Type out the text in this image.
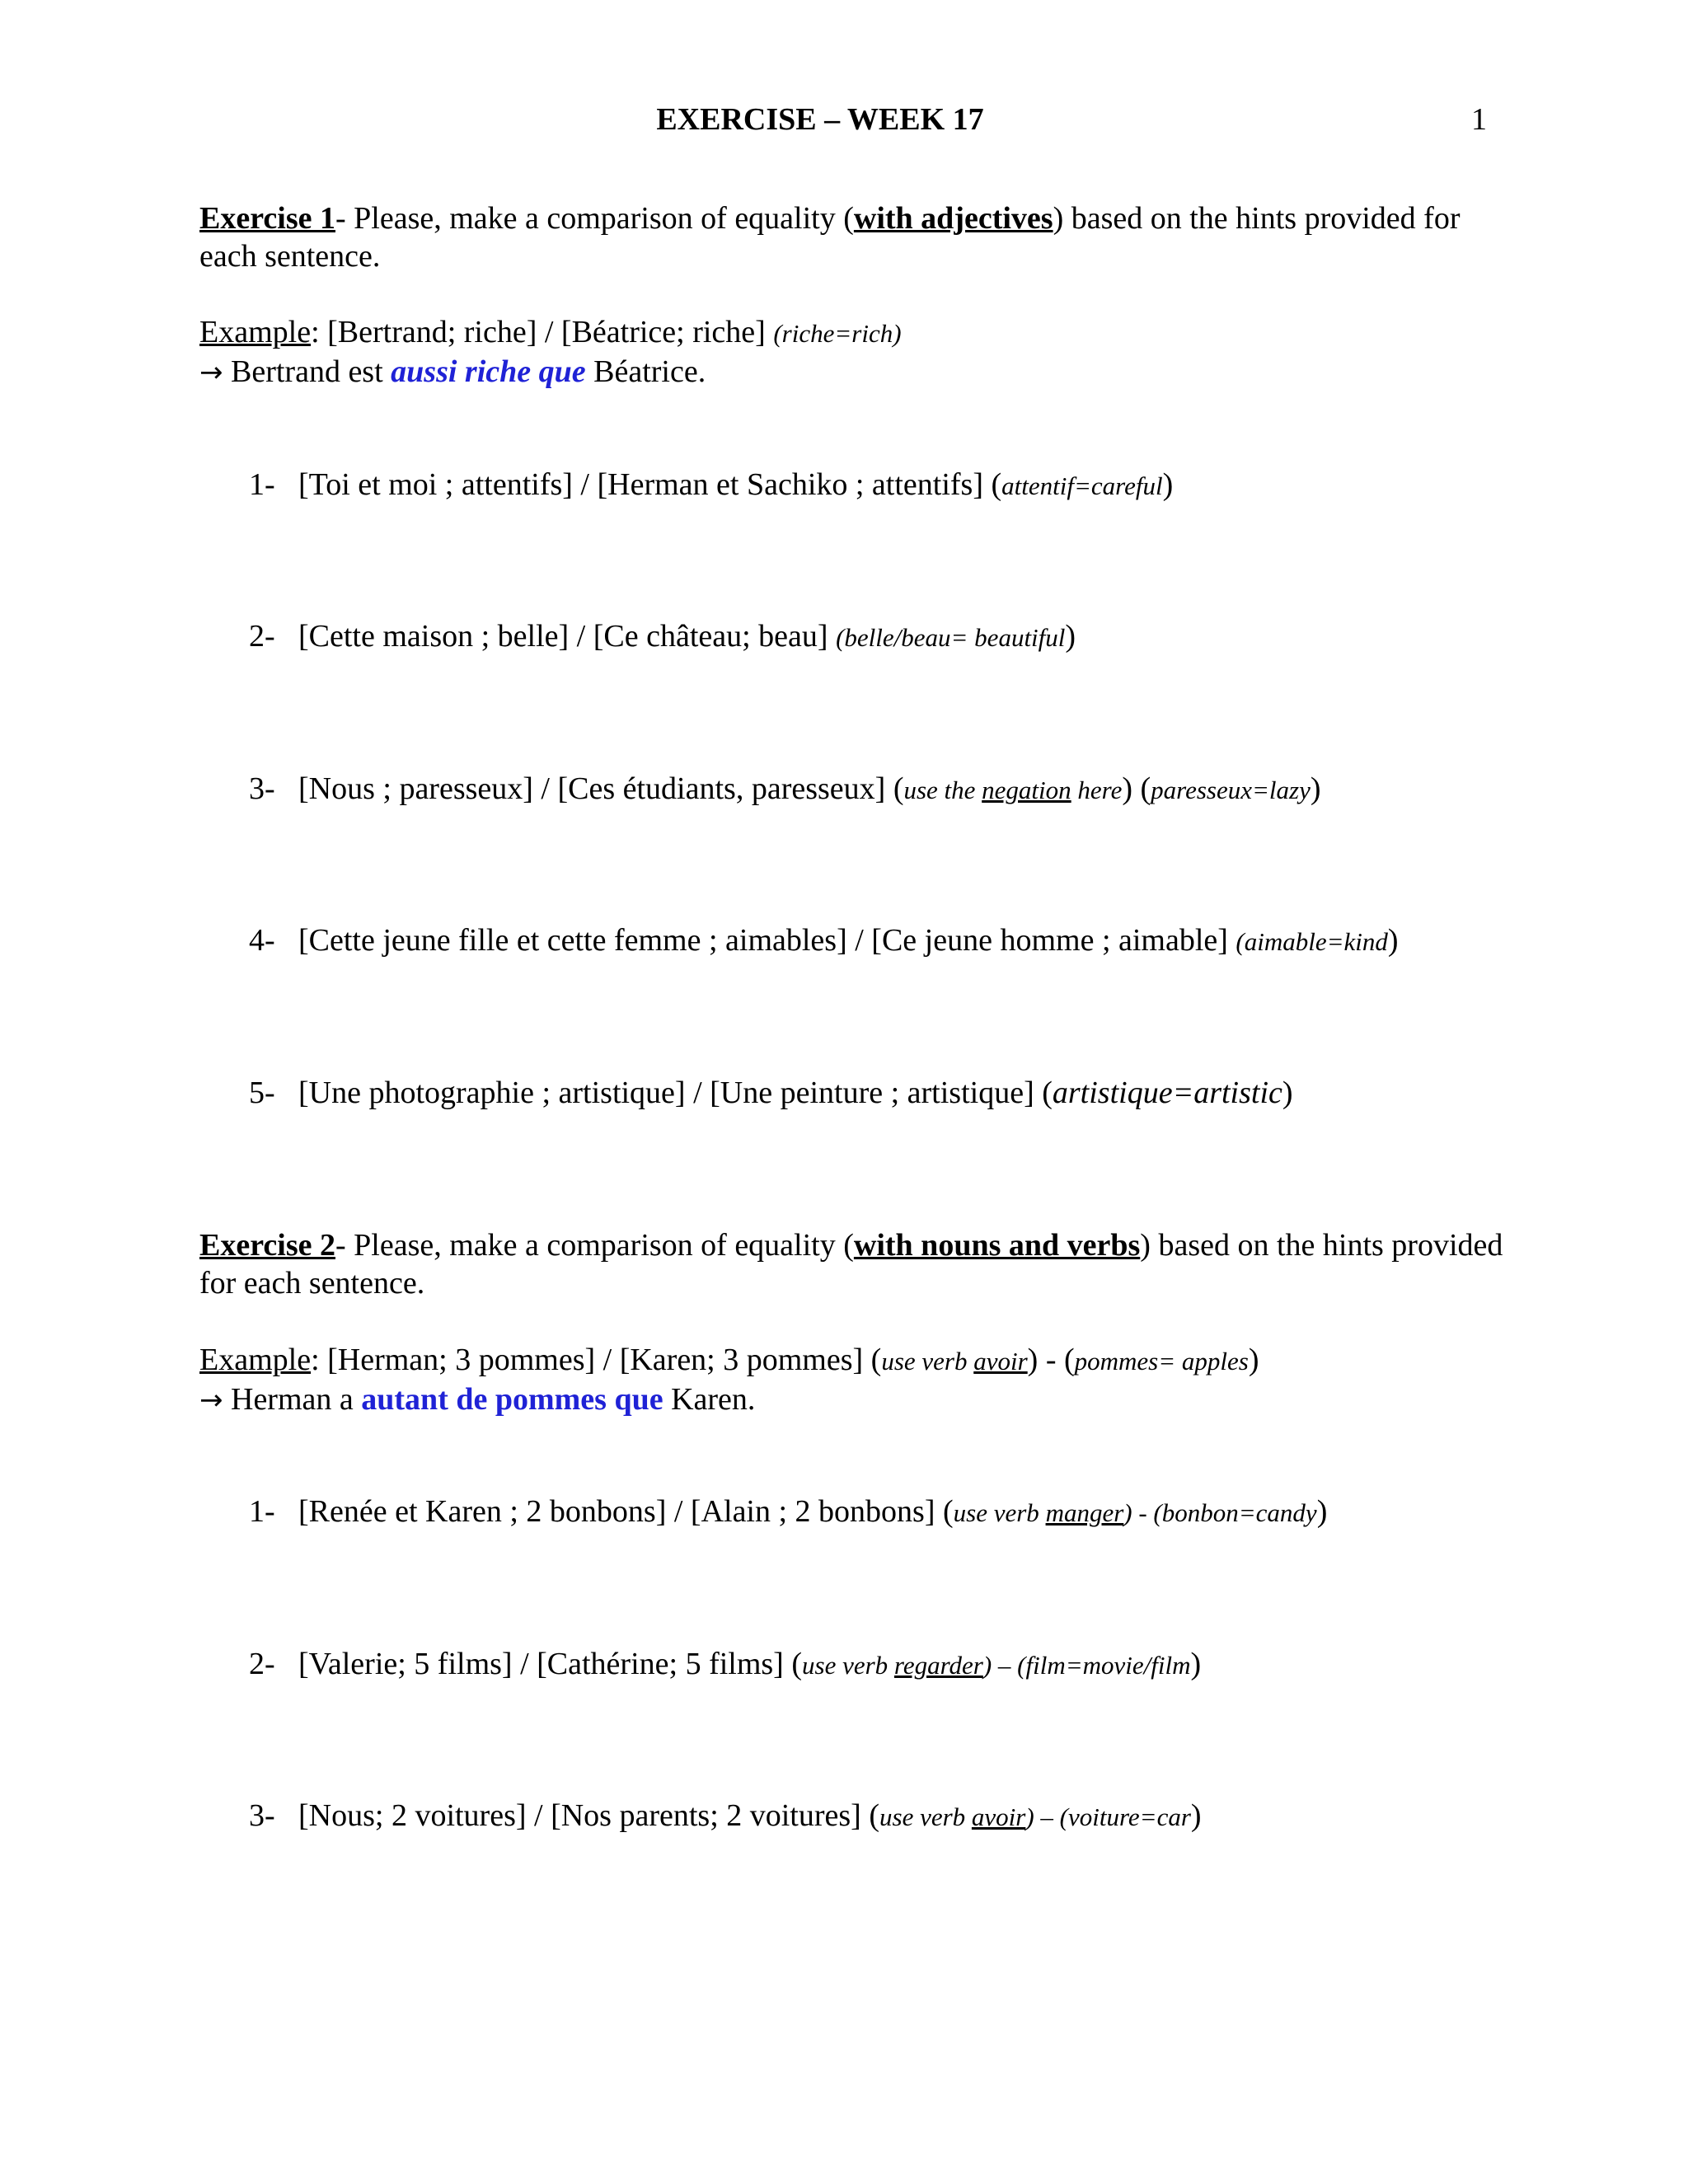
EXERCISE – WEEK 17	1
Exercise 1- Please, make a comparison of equality (with adjectives) based on the hints provided for each sentence.
Example: [Bertrand; riche] / [Béatrice; riche] (riche=rich)
→ Bertrand est aussi riche que Béatrice.
1- [Toi et moi ; attentifs] / [Herman et Sachiko ; attentifs] (attentif=careful)
2- [Cette maison ; belle] / [Ce château; beau] (belle/beau= beautiful)
3- [Nous ; paresseux] / [Ces étudiants, paresseux] (use the negation here) (paresseux=lazy)
4- [Cette jeune fille et cette femme ; aimables] / [Ce jeune homme ; aimable] (aimable=kind)
5- [Une photographie ; artistique] / [Une peinture ; artistique] (artistique=artistic)
Exercise 2- Please, make a comparison of equality (with nouns and verbs) based on the hints provided for each sentence.
Example: [Herman; 3 pommes] / [Karen; 3 pommes] (use verb avoir) - (pommes= apples)
→ Herman a autant de pommes que Karen.
1- [Renée et Karen ; 2 bonbons] / [Alain ; 2 bonbons] (use verb manger) - (bonbon=candy)
2- [Valerie; 5 films] / [Cathérine; 5 films] (use verb regarder) – (film=movie/film)
3- [Nous; 2 voitures] / [Nos parents; 2 voitures] (use verb avoir) – (voiture=car)
